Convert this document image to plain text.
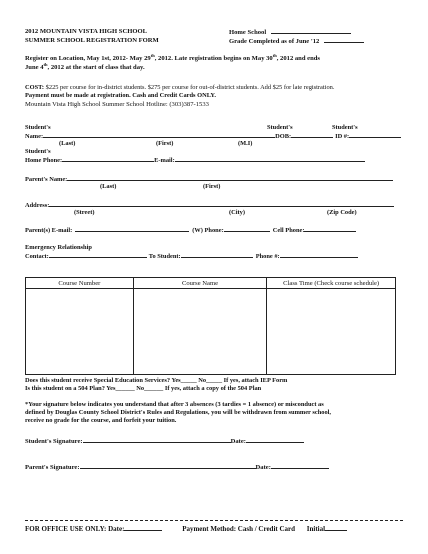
2012 MOUNTAIN VISTA HIGH SCHOOL
SUMMER SCHOOL REGISTRATION FORM
Home School
Grade Completed as of June '12
Register on Location, May 1st, 2012- May 29th, 2012. Late registration begins on May 30th, 2012 and ends
June 4th, 2012 at the start of class that day.
COST: $225 per course for in-district students. $275 per course for out-of-district students. Add $25 for late registration.
Payment must be made at registration. Cash and Credit Cards ONLY.
Mountain Vista High School Summer School Hotline: (303)387-1533
Student's	Student's	Student's
Name:	DOB:	ID #:
(Last)	(First)	(M.I)
Student's
Home Phone:	E-mail:
Parent's Name:
(Last)	(First)
Address:
(Street)	(City)	(Zip Code)
Parent(s) E-mail:	(W) Phone:	Cell Phone:
Emergency Relationship
Contact:	To Student:	Phone #:
Course Number	Course Name	Class Time (Check course schedule)

Does this student receive Special Education Services? Yes_____ No_____ If yes, attach IEP Form
Is this student on a 504 Plan? Yes______ No______ If yes, attach a copy of the 504 Plan
*Your signature below indicates you understand that after 3 absences (3 tardies = 1 absence) or misconduct as
defined by Douglas County School District's Rules and Regulations, you will be withdrawn from summer school,
receive no grade for the course, and forfeit your tuition.
Student's Signature:	Date:
Parent's Signature:	Date:
FOR OFFICE USE ONLY: Date:	Payment Method: Cash / Credit Card Initial
